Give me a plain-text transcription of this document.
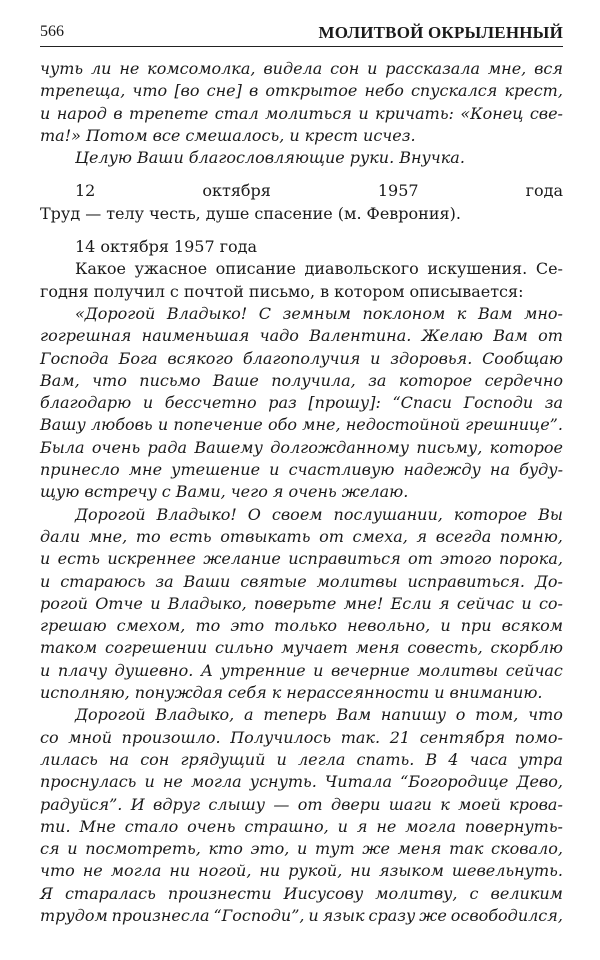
566	МОЛИТВОЙ ОКРЫЛЕННЫЙ
чуть ли не комсомолка, видела сон и рассказала мне, вся
трепеща, что [во сне] в открытое небо спускался крест,
и народ в трепете стал молиться и кричать: «Конец све-
та!» Потом все смешалось, и крест исчез.
Целую Ваши благословляющие руки. Внучка.
12	октября	1957	года
Труд — телу честь, душе спасение (м. Феврония).
14 октября 1957 года
Какое ужасное описание диавольского искушения. Се-
годня получил с почтой письмо, в котором описывается:
«Дорогой Владыко! С земным поклоном к Вам мно-
гогрешная наименьшая чадо Валентина. Желаю Вам от
Господа Бога всякого благополучия и здоровья. Сообщаю
Вам, что письмо Ваше получила, за которое сердечно
благодарю и бессчетно раз [прошу]: “Спаси Господи за
Вашу любовь и попечение обо мне, недостойной грешнице”.
Была очень рада Вашему долгожданному письму, которое
принесло мне утешение и счастливую надежду на буду-
щую встречу с Вами, чего я очень желаю.
Дорогой Владыко! О своем послушании, которое Вы
дали мне, то есть отвыкать от смеха, я всегда помню,
и есть искреннее желание исправиться от этого порока,
и стараюсь за Ваши святые молитвы исправиться. До-
рогой Отче и Владыко, поверьте мне! Если я сейчас и со-
грешаю смехом, то это только невольно, и при всяком
таком согрешении сильно мучает меня совесть, скорблю
и плачу душевно. А утренние и вечерние молитвы сейчас
исполняю, понуждая себя к нерассеянности и вниманию.
Дорогой Владыко, а теперь Вам напишу о том, что
со мной произошло. Получилось так. 21 сентября помо-
лилась на сон грядущий и легла спать. В 4 часа утра
проснулась и не могла уснуть. Читала “Богородице Дево,
радуйся”. И вдруг слышу — от двери шаги к моей крова-
ти. Мне стало очень страшно, и я не могла повернуть-
ся и посмотреть, кто это, и тут же меня так сковало,
что не могла ни ногой, ни рукой, ни языком шевельнуть.
Я старалась произнести Иисусову молитву, с великим
трудом произнесла “Господи”, и язык сразу же освободился,
